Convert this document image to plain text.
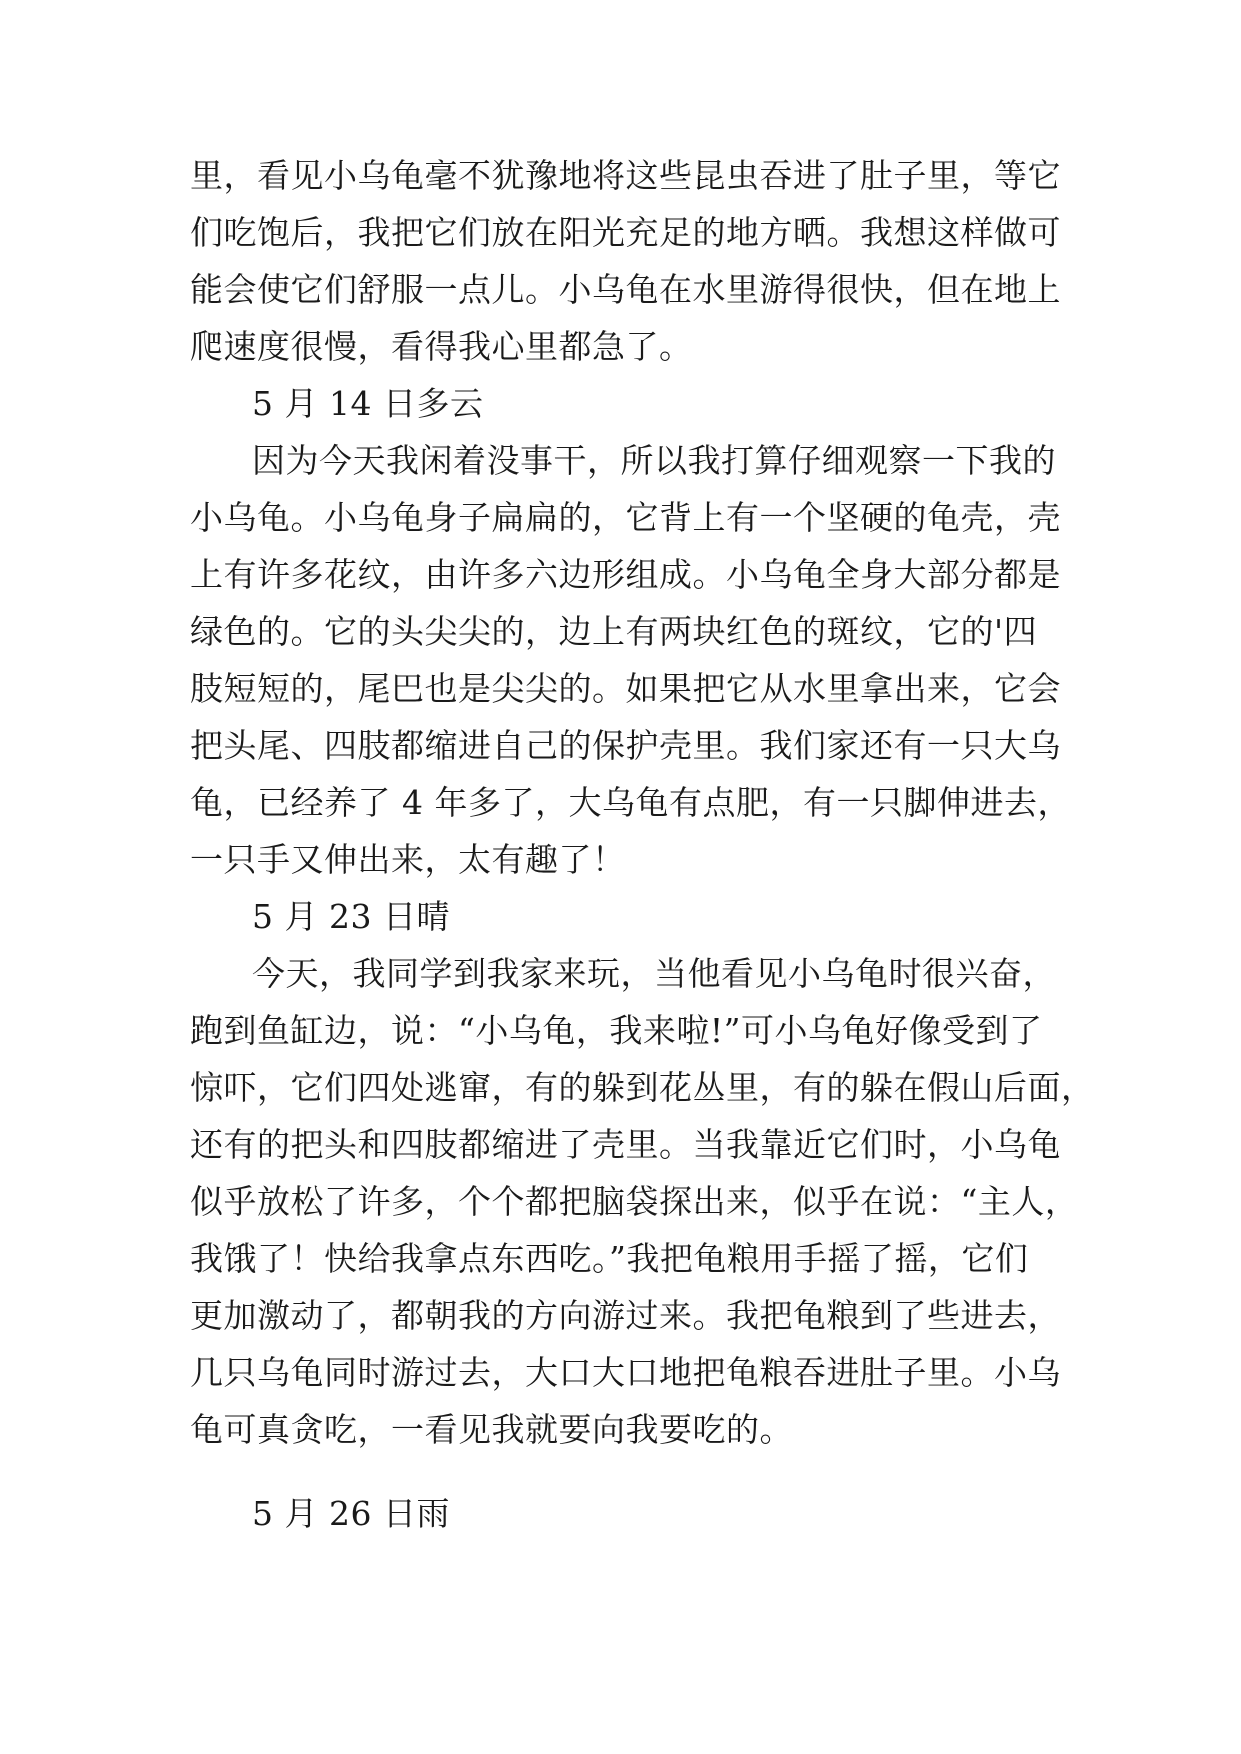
里，看见小乌龟毫不犹豫地将这些昆虫吞进了肚子里，等它
们吃饱后，我把它们放在阳光充足的地方晒。我想这样做可
能会使它们舒服一点儿。小乌龟在水里游得很快，但在地上
爬速度很慢，看得我心里都急了。
5 月 14 日多云
因为今天我闲着没事干，所以我打算仔细观察一下我的
小乌龟。小乌龟身子扁扁的，它背上有一个坚硬的龟壳，壳
上有许多花纹，由许多六边形组成。小乌龟全身大部分都是
绿色的。它的头尖尖的，边上有两块红色的斑纹，它的'四
肢短短的，尾巴也是尖尖的。如果把它从水里拿出来，它会
把头尾、四肢都缩进自己的保护壳里。我们家还有一只大乌
龟，已经养了 4 年多了，大乌龟有点肥，有一只脚伸进去，
一只手又伸出来，太有趣了！
5 月 23 日晴
今天，我同学到我家来玩，当他看见小乌龟时很兴奋，
跑到鱼缸边，说：“小乌龟，我来啦!”可小乌龟好像受到了
惊吓，它们四处逃窜，有的躲到花丛里，有的躲在假山后面，
还有的把头和四肢都缩进了壳里。当我靠近它们时，小乌龟
似乎放松了许多，个个都把脑袋探出来，似乎在说：“主人，
我饿了！快给我拿点东西吃。”我把龟粮用手摇了摇，它们
更加激动了，都朝我的方向游过来。我把龟粮到了些进去，
几只乌龟同时游过去，大口大口地把龟粮吞进肚子里。小乌
龟可真贪吃，一看见我就要向我要吃的。
5 月 26 日雨
